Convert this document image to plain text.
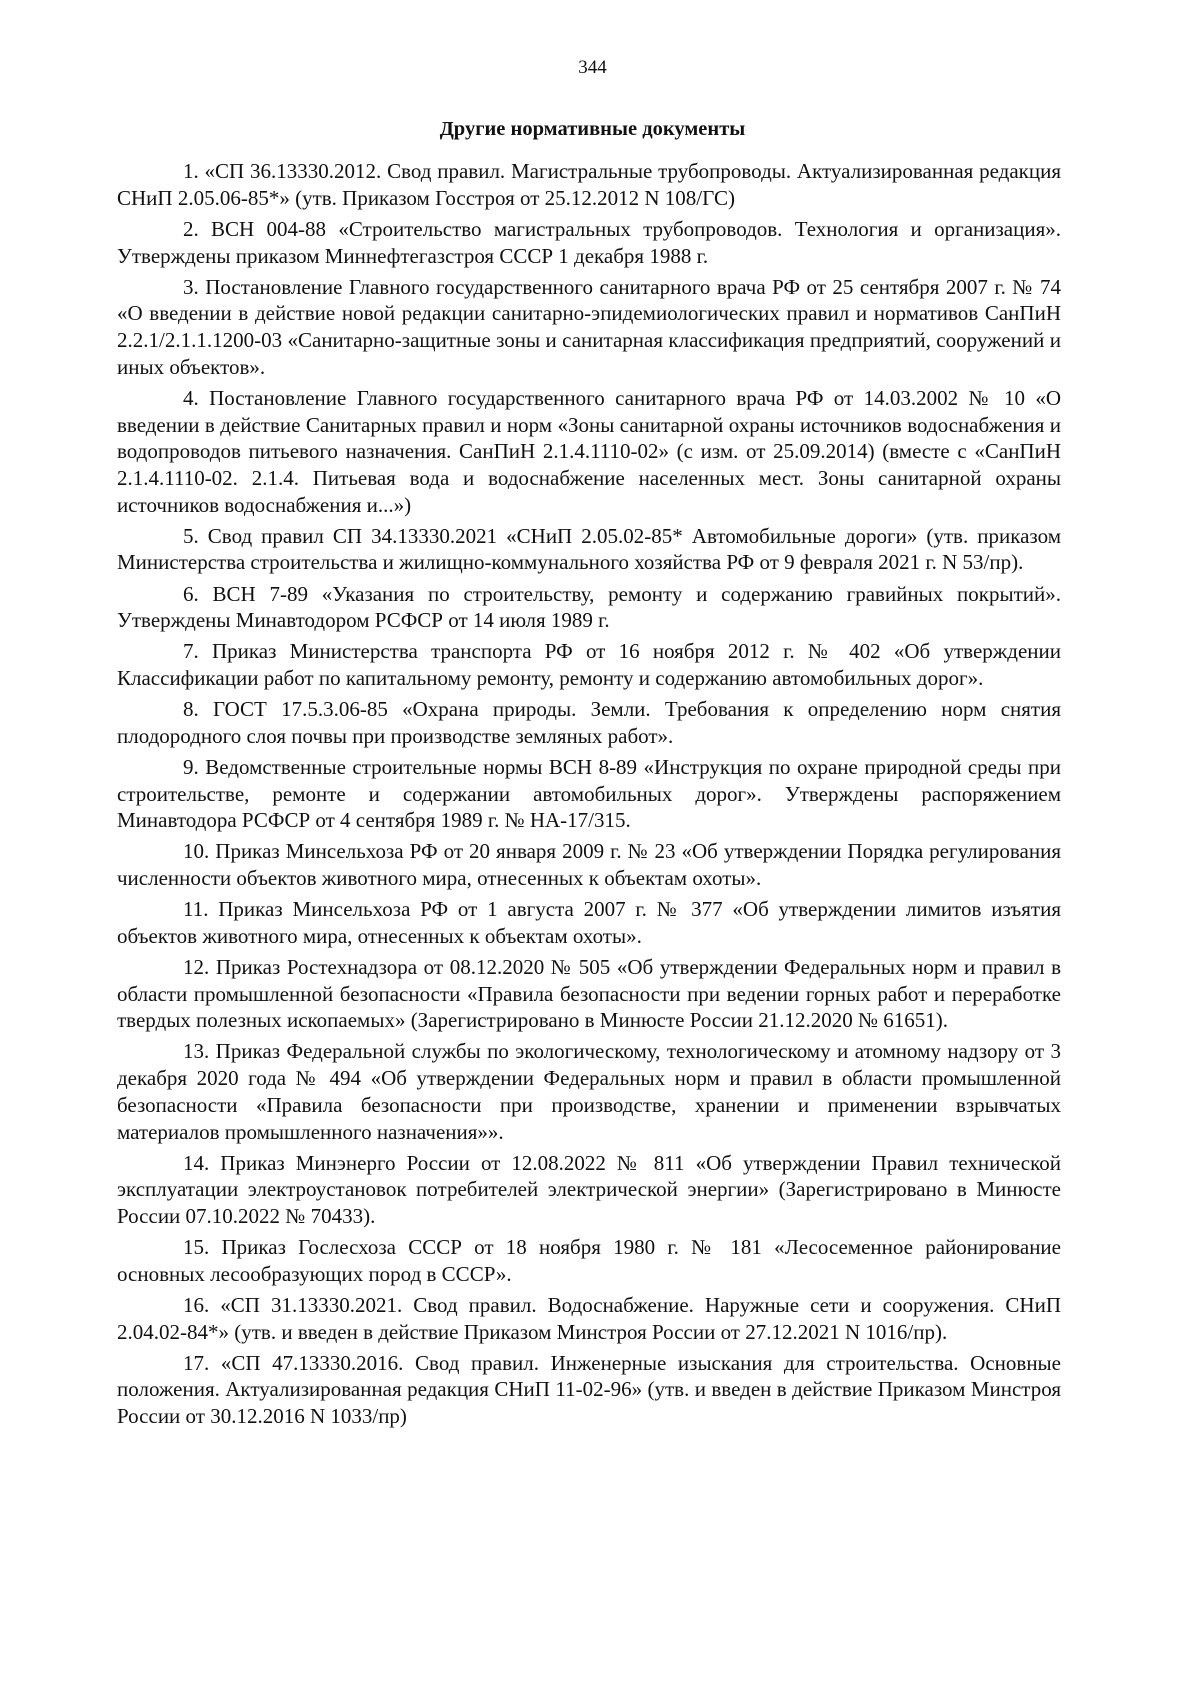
344
Другие нормативные документы
1. «СП 36.13330.2012. Свод правил. Магистральные трубопроводы. Актуализированная редакция СНиП 2.05.06-85*» (утв. Приказом Госстроя от 25.12.2012 N 108/ГС)
2. ВСН 004-88 «Строительство магистральных трубопроводов. Технология и организация». Утверждены приказом Миннефтегазстроя СССР 1 декабря 1988 г.
3. Постановление Главного государственного санитарного врача РФ от 25 сентября 2007 г. № 74 «О введении в действие новой редакции санитарно-эпидемиологических правил и нормативов СанПиН 2.2.1/2.1.1.1200-03 «Санитарно-защитные зоны и санитарная классификация предприятий, сооружений и иных объектов».
4. Постановление Главного государственного санитарного врача РФ от 14.03.2002 № 10 «О введении в действие Санитарных правил и норм «Зоны санитарной охраны источников водоснабжения и водопроводов питьевого назначения. СанПиН 2.1.4.1110-02» (с изм. от 25.09.2014) (вместе с «СанПиН 2.1.4.1110-02. 2.1.4. Питьевая вода и водоснабжение населенных мест. Зоны санитарной охраны источников водоснабжения и...»)
5. Свод правил СП 34.13330.2021 «СНиП 2.05.02-85* Автомобильные дороги» (утв. приказом Министерства строительства и жилищно-коммунального хозяйства РФ от 9 февраля 2021 г. N 53/пр).
6. ВСН 7-89 «Указания по строительству, ремонту и содержанию гравийных покрытий». Утверждены Минавтодором РСФСР от 14 июля 1989 г.
7. Приказ Министерства транспорта РФ от 16 ноября 2012 г. № 402 «Об утверждении Классификации работ по капитальному ремонту, ремонту и содержанию автомобильных дорог».
8. ГОСТ 17.5.3.06-85 «Охрана природы. Земли. Требования к определению норм снятия плодородного слоя почвы при производстве земляных работ».
9. Ведомственные строительные нормы ВСН 8-89 «Инструкция по охране природной среды при строительстве, ремонте и содержании автомобильных дорог». Утверждены распоряжением Минавтодора РСФСР от 4 сентября 1989 г. № НА-17/315.
10. Приказ Минсельхоза РФ от 20 января 2009 г. № 23 «Об утверждении Порядка регулирования численности объектов животного мира, отнесенных к объектам охоты».
11. Приказ Минсельхоза РФ от 1 августа 2007 г. № 377 «Об утверждении лимитов изъятия объектов животного мира, отнесенных к объектам охоты».
12. Приказ Ростехнадзора от 08.12.2020 № 505 «Об утверждении Федеральных норм и правил в области промышленной безопасности «Правила безопасности при ведении горных работ и переработке твердых полезных ископаемых» (Зарегистрировано в Минюсте России 21.12.2020 № 61651).
13. Приказ Федеральной службы по экологическому, технологическому и атомному надзору от 3 декабря 2020 года № 494 «Об утверждении Федеральных норм и правил в области промышленной безопасности «Правила безопасности при производстве, хранении и применении взрывчатых материалов промышленного назначения»».
14. Приказ Минэнерго России от 12.08.2022 № 811 «Об утверждении Правил технической эксплуатации электроустановок потребителей электрической энергии» (Зарегистрировано в Минюсте России 07.10.2022 № 70433).
15. Приказ Гослесхоза СССР от 18 ноября 1980 г. № 181 «Лесосеменное районирование основных лесообразующих пород в СССР».
16. «СП 31.13330.2021. Свод правил. Водоснабжение. Наружные сети и сооружения. СНиП 2.04.02-84*» (утв. и введен в действие Приказом Минстроя России от 27.12.2021 N 1016/пр).
17. «СП 47.13330.2016. Свод правил. Инженерные изыскания для строительства. Основные положения. Актуализированная редакция СНиП 11-02-96» (утв. и введен в действие Приказом Минстроя России от 30.12.2016 N 1033/пр)
